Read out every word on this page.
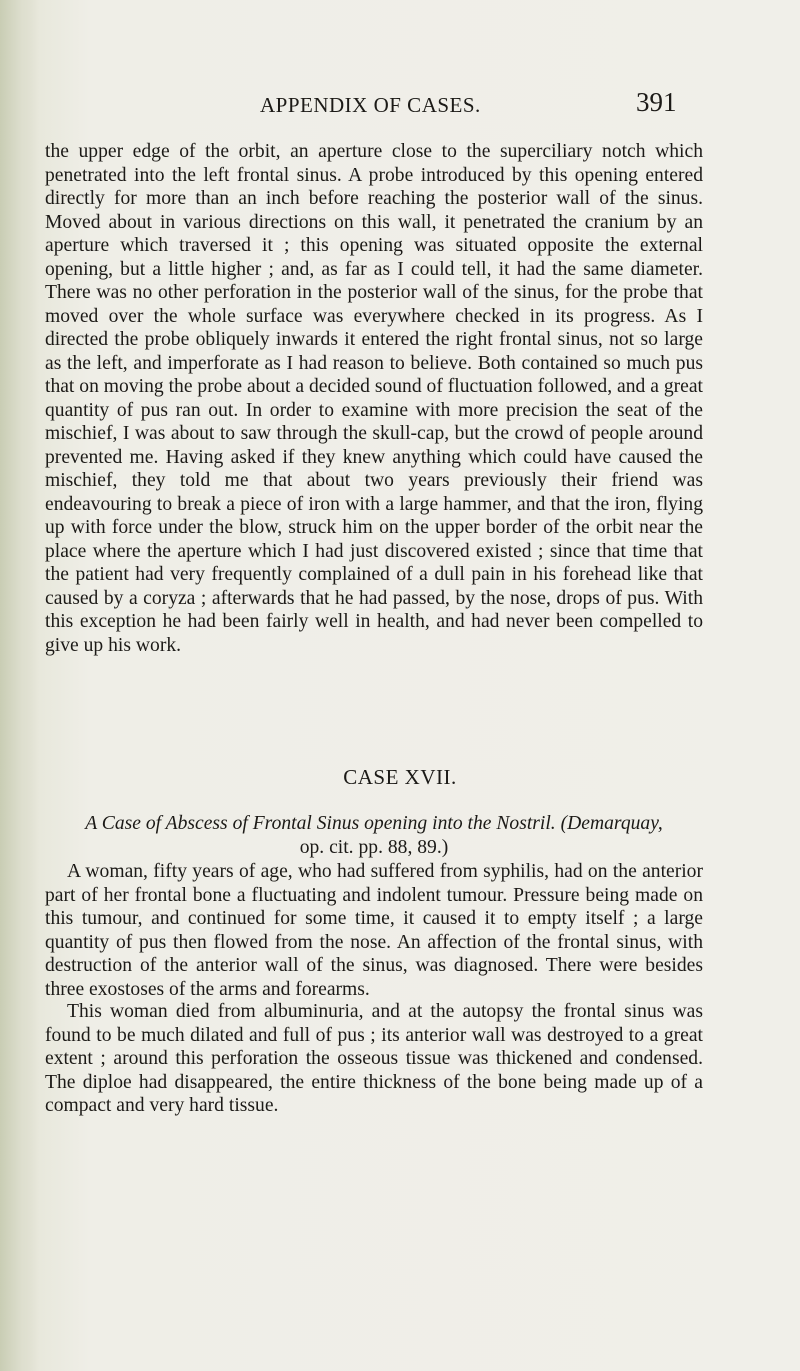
APPENDIX OF CASES.	391

the upper edge of the orbit, an aperture close to the superciliary notch which penetrated into the left frontal sinus. A probe introduced by this opening entered directly for more than an inch before reaching the posterior wall of the sinus. Moved about in various directions on this wall, it penetrated the cranium by an aperture which traversed it ; this opening was situated opposite the external opening, but a little higher ; and, as far as I could tell, it had the same diameter. There was no other perforation in the posterior wall of the sinus, for the probe that moved over the whole surface was everywhere checked in its progress. As I directed the probe obliquely inwards it entered the right frontal sinus, not so large as the left, and imperforate as I had reason to believe. Both contained so much pus that on moving the probe about a decided sound of fluctuation followed, and a great quantity of pus ran out. In order to examine with more precision the seat of the mischief, I was about to saw through the skull-cap, but the crowd of people around prevented me. Having asked if they knew anything which could have caused the mischief, they told me that about two years previously their friend was endeavouring to break a piece of iron with a large hammer, and that the iron, flying up with force under the blow, struck him on the upper border of the orbit near the place where the aperture which I had just discovered existed ; since that time that the patient had very frequently complained of a dull pain in his forehead like that caused by a coryza ; afterwards that he had passed, by the nose, drops of pus. With this exception he had been fairly well in health, and had never been compelled to give up his work.

CASE XVII.
A Case of Abscess of Frontal Sinus opening into the Nostril. (Demarquay,
op. cit. pp. 88, 89.)

A woman, fifty years of age, who had suffered from syphilis, had on the anterior part of her frontal bone a fluctuating and indolent tumour. Pressure being made on this tumour, and continued for some time, it caused it to empty itself ; a large quantity of pus then flowed from the nose. An affection of the frontal sinus, with destruction of the anterior wall of the sinus, was diagnosed. There were besides three exostoses of the arms and forearms.

This woman died from albuminuria, and at the autopsy the frontal sinus was found to be much dilated and full of pus ; its anterior wall was destroyed to a great extent ; around this perforation the osseous tissue was thickened and condensed. The diploe had disappeared, the entire thickness of the bone being made up of a compact and very hard tissue.
